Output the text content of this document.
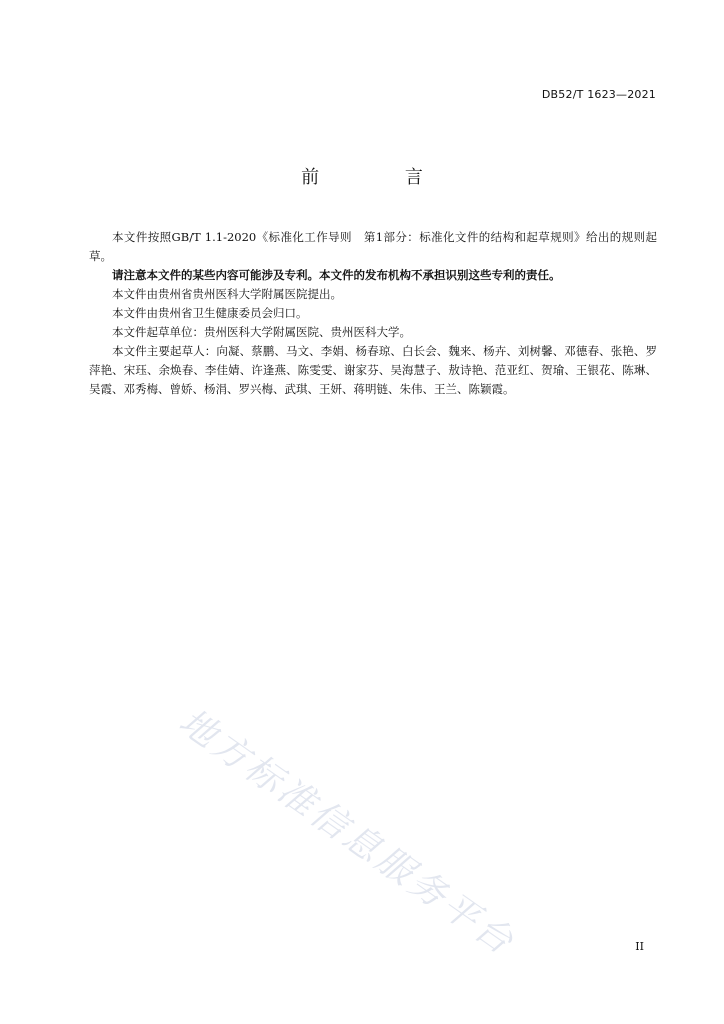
DB52/T 1623—2021
前 言

本文件按照GB/T 1.1-2020《标准化工作导则　第1部分：标准化文件的结构和起草规则》给出的规则起草。

请注意本文件的某些内容可能涉及专利。本文件的发布机构不承担识别这些专利的责任。

本文件由贵州省贵州医科大学附属医院提出。

本文件由贵州省卫生健康委员会归口。

本文件起草单位：贵州医科大学附属医院、贵州医科大学。

本文件主要起草人：向凝、蔡鹏、马文、李娟、杨春琼、白长会、魏来、杨卉、刘树馨、邓德春、张艳、罗萍艳、宋珏、余焕春、李佳婧、许逢燕、陈雯雯、谢家芬、吴海慧子、敖诗艳、范亚红、贺瑜、王银花、陈琳、吴霞、邓秀梅、曾娇、杨涓、罗兴梅、武琪、王妍、蒋明链、朱伟、王兰、陈颖霞。

地方标准信息服务平台	II
